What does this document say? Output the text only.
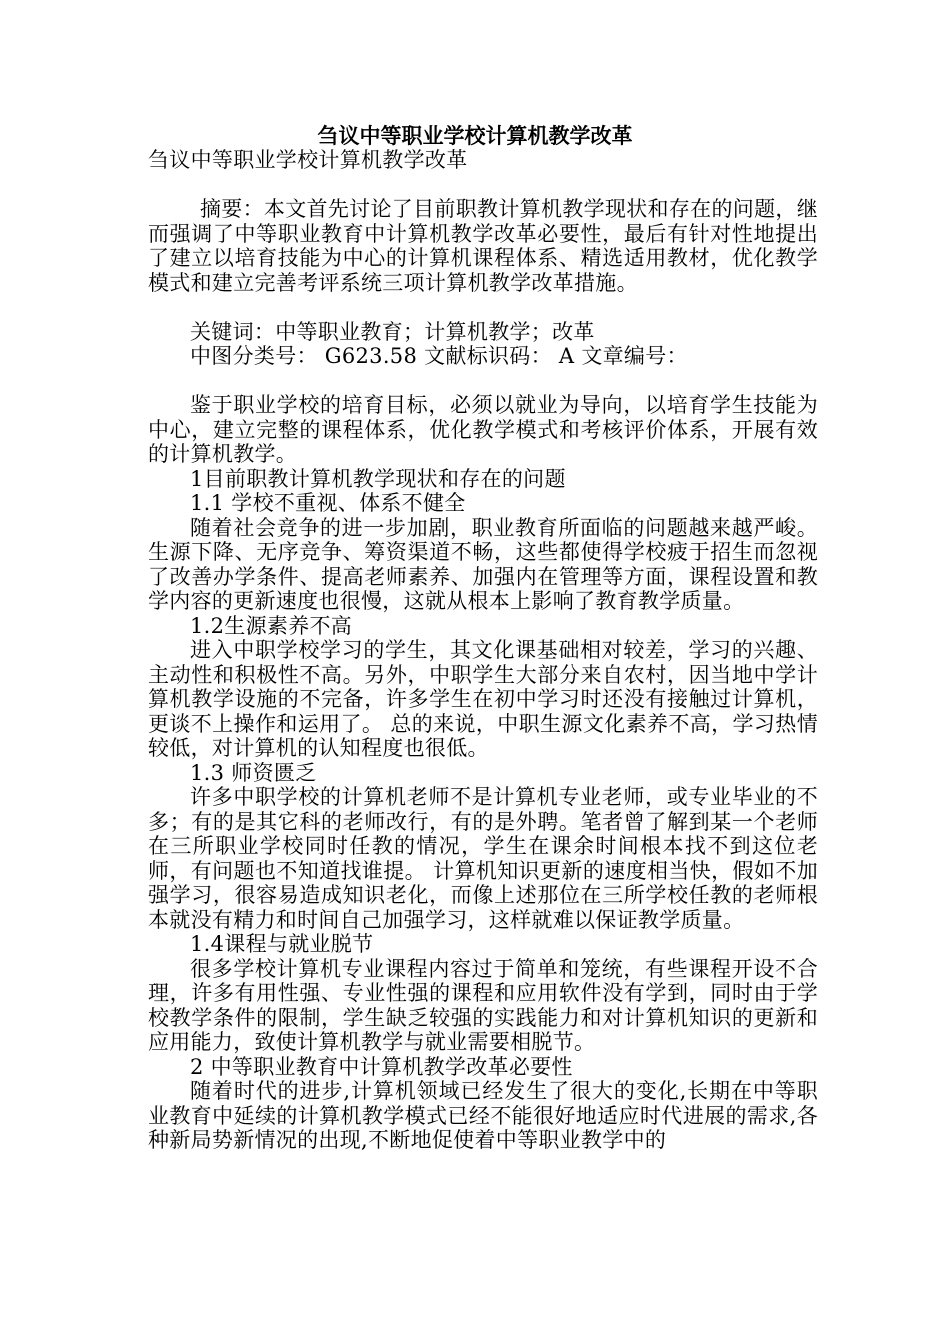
刍议中等职业学校计算机教学改革

刍议中等职业学校计算机教学改革

摘要：本文首先讨论了目前职教计算机教学现状和存在的问题，继而强调了中等职业教育中计算机教学改革必要性，最后有针对性地提出了建立以培育技能为中心的计算机课程体系、精选适用教材，优化教学模式和建立完善考评系统三项计算机教学改革措施。

关键词：中等职业教育；计算机教学；改革

中图分类号： G623.58 文献标识码： A 文章编号：

鉴于职业学校的培育目标，必须以就业为导向，以培育学生技能为中心，建立完整的课程体系，优化教学模式和考核评价体系，开展有效的计算机教学。

1目前职教计算机教学现状和存在的问题

1.1 学校不重视、体系不健全

随着社会竞争的进一步加剧，职业教育所面临的问题越来越严峻。 生源下降、无序竞争、筹资渠道不畅，这些都使得学校疲于招生而忽视了改善办学条件、提高老师素养、加强内在管理等方面，课程设置和教学内容的更新速度也很慢，这就从根本上影响了教育教学质量。

1.2生源素养不高

进入中职学校学习的学生，其文化课基础相对较差，学习的兴趣、主动性和积极性不高。另外，中职学生大部分来自农村，因当地中学计算机教学设施的不完备，许多学生在初中学习时还没有接触过计算机，更谈不上操作和运用了。 总的来说，中职生源文化素养不高，学习热情较低，对计算机的认知程度也很低。

1.3 师资匮乏

许多中职学校的计算机老师不是计算机专业老师，或专业毕业的不多；有的是其它科的老师改行，有的是外聘。笔者曾了解到某一个老师在三所职业学校同时任教的情况，学生在课余时间根本找不到这位老师，有问题也不知道找谁提。 计算机知识更新的速度相当快，假如不加强学习，很容易造成知识老化，而像上述那位在三所学校任教的老师根本就没有精力和时间自己加强学习，这样就难以保证教学质量。

1.4课程与就业脱节

很多学校计算机专业课程内容过于简单和笼统，有些课程开设不合理，许多有用性强、专业性强的课程和应用软件没有学到，同时由于学校教学条件的限制，学生缺乏较强的实践能力和对计算机知识的更新和应用能力，致使计算机教学与就业需要相脱节。

2 中等职业教育中计算机教学改革必要性

随着时代的进步,计算机领域已经发生了很大的变化,长期在中等职业教育中延续的计算机教学模式已经不能很好地适应时代进展的需求,各种新局势新情况的出现,不断地促使着中等职业教学中的
